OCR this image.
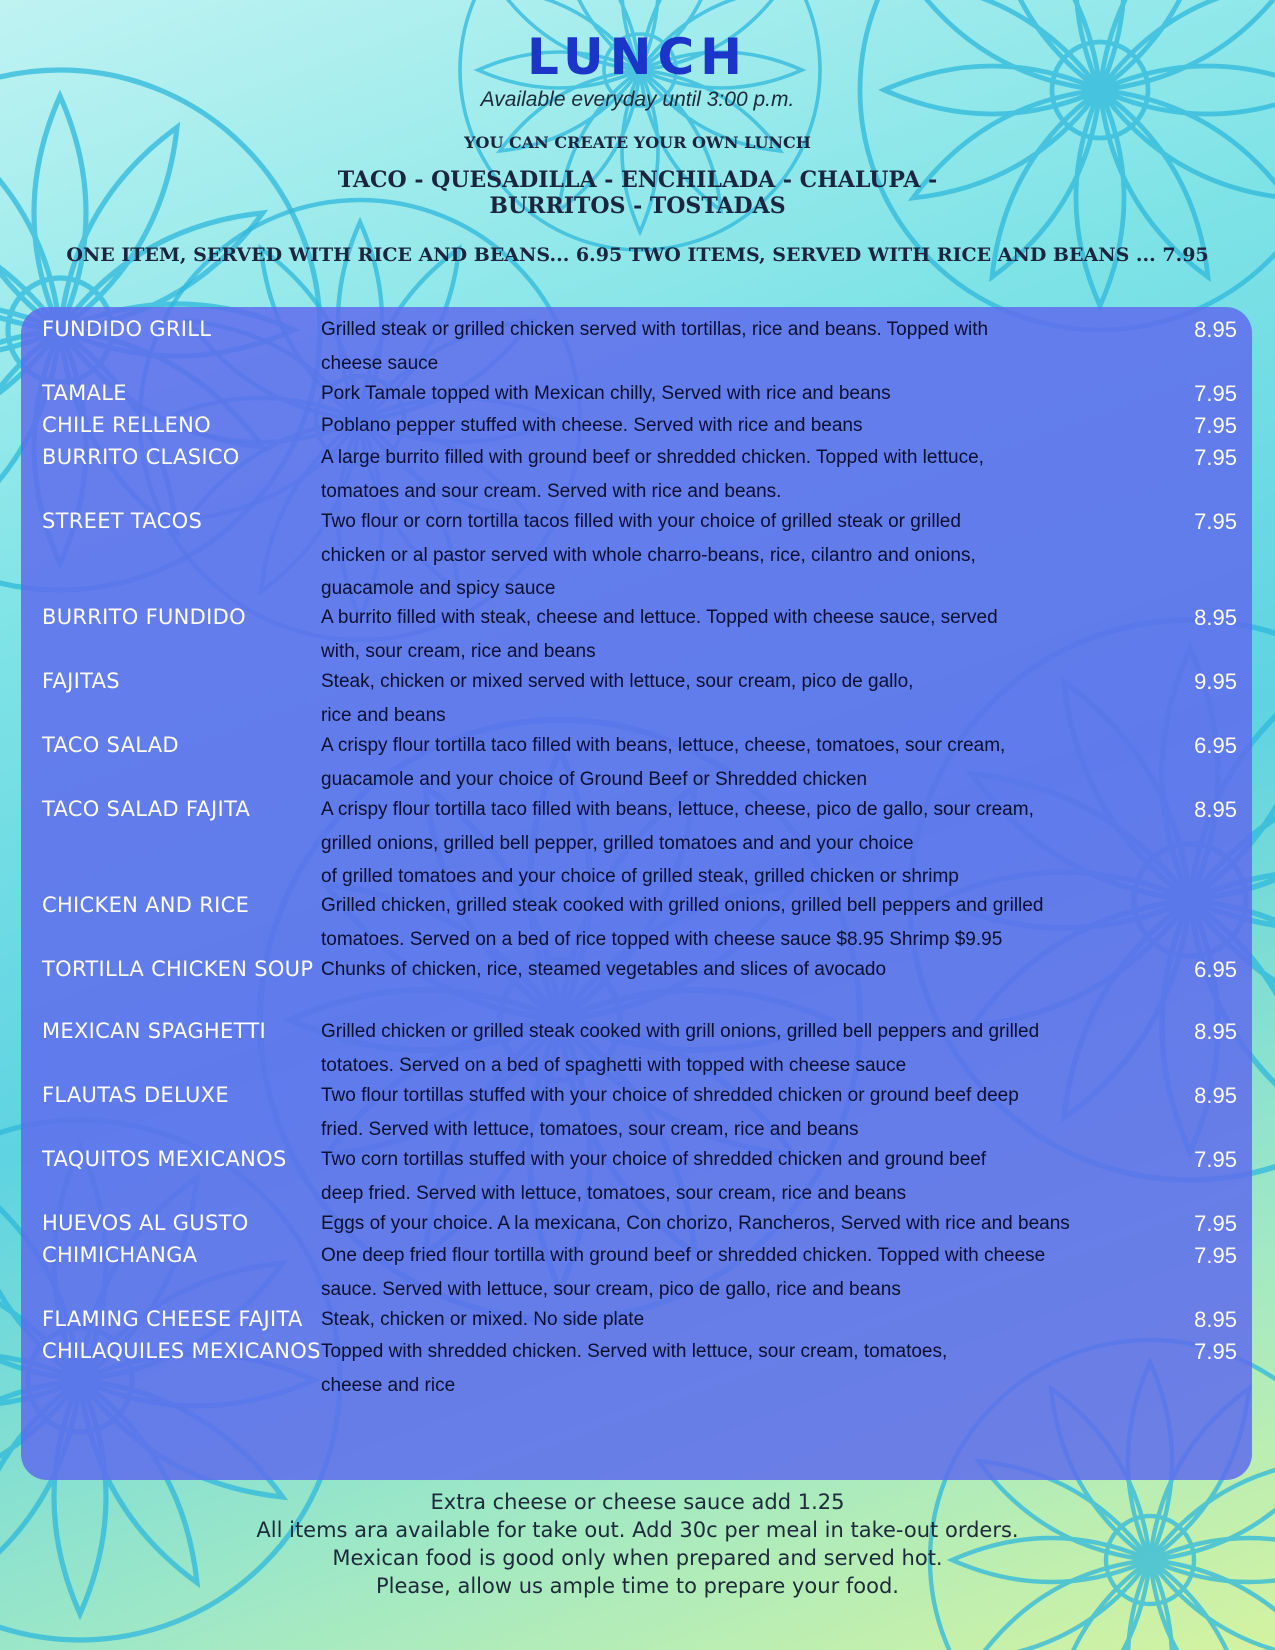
LUNCH
Available everyday until 3:00 p.m.
YOU CAN CREATE YOUR OWN LUNCH
TACO - QUESADILLA - ENCHILADA - CHALUPA -
BURRITOS - TOSTADAS
ONE ITEM, SERVED WITH RICE AND BEANS... 6.95 TWO ITEMS, SERVED WITH RICE AND BEANS ... 7.95
FUNDIDO GRILL	Grilled steak or grilled chicken served with tortillas, rice and beans. Topped with
cheese sauce
8.95
TAMALE	Pork Tamale topped with Mexican chilly, Served with rice and beans	7.95
CHILE RELLENO	Poblano pepper stuffed with cheese. Served with rice and beans	7.95
BURRITO CLASICO	A large burrito filled with ground beef or shredded chicken. Topped with lettuce,
tomatoes and sour cream. Served with rice and beans.
7.95
STREET TACOS	Two flour or corn tortilla tacos filled with your choice of grilled steak or grilled
chicken or al pastor served with whole charro-beans, rice, cilantro and onions,
guacamole and spicy sauce
7.95
BURRITO FUNDIDO	A burrito filled with steak, cheese and lettuce. Topped with cheese sauce, served
with, sour cream, rice and beans
8.95
FAJITAS	Steak, chicken or mixed served with lettuce, sour cream, pico de gallo,
rice and beans
9.95
TACO SALAD	A crispy flour tortilla taco filled with beans, lettuce, cheese, tomatoes, sour cream,
guacamole and your choice of Ground Beef or Shredded chicken
6.95
TACO SALAD FAJITA	A crispy flour tortilla taco filled with beans, lettuce, cheese, pico de gallo, sour cream,
grilled onions, grilled bell pepper, grilled tomatoes and and your choice
of grilled tomatoes and your choice of grilled steak, grilled chicken or shrimp
8.95
CHICKEN AND RICE	Grilled chicken, grilled steak cooked with grilled onions, grilled bell peppers and grilled
tomatoes. Served on a bed of rice topped with cheese sauce $8.95 Shrimp $9.95
TORTILLA CHICKEN SOUP Chunks of chicken, rice, steamed vegetables and slices of avocado	6.95
MEXICAN SPAGHETTI	Grilled chicken or grilled steak cooked with grill onions, grilled bell peppers and grilled
totatoes. Served on a bed of spaghetti with topped with cheese sauce
8.95
FLAUTAS DELUXE	Two flour tortillas stuffed with your choice of shredded chicken or ground beef deep
fried. Served with lettuce, tomatoes, sour cream, rice and beans
8.95
TAQUITOS MEXICANOS	Two corn tortillas stuffed with your choice of shredded chicken and ground beef
deep fried. Served with lettuce, tomatoes, sour cream, rice and beans
7.95
HUEVOS AL GUSTO	Eggs of your choice. A la mexicana, Con chorizo, Rancheros, Served with rice and beans	7.95
CHIMICHANGA	One deep fried flour tortilla with ground beef or shredded chicken. Topped with cheese
sauce. Served with lettuce, sour cream, pico de gallo, rice and beans
7.95
FLAMING CHEESE FAJITA Steak, chicken or mixed. No side plate	8.95
CHILAQUILES MEXICANOS Topped with shredded chicken. Served with lettuce, sour cream, tomatoes,
cheese and rice
7.95
Extra cheese or cheese sauce add 1.25
All items ara available for take out. Add 30c per meal in take-out orders.
Mexican food is good only when prepared and served hot.
Please, allow us ample time to prepare your food.
